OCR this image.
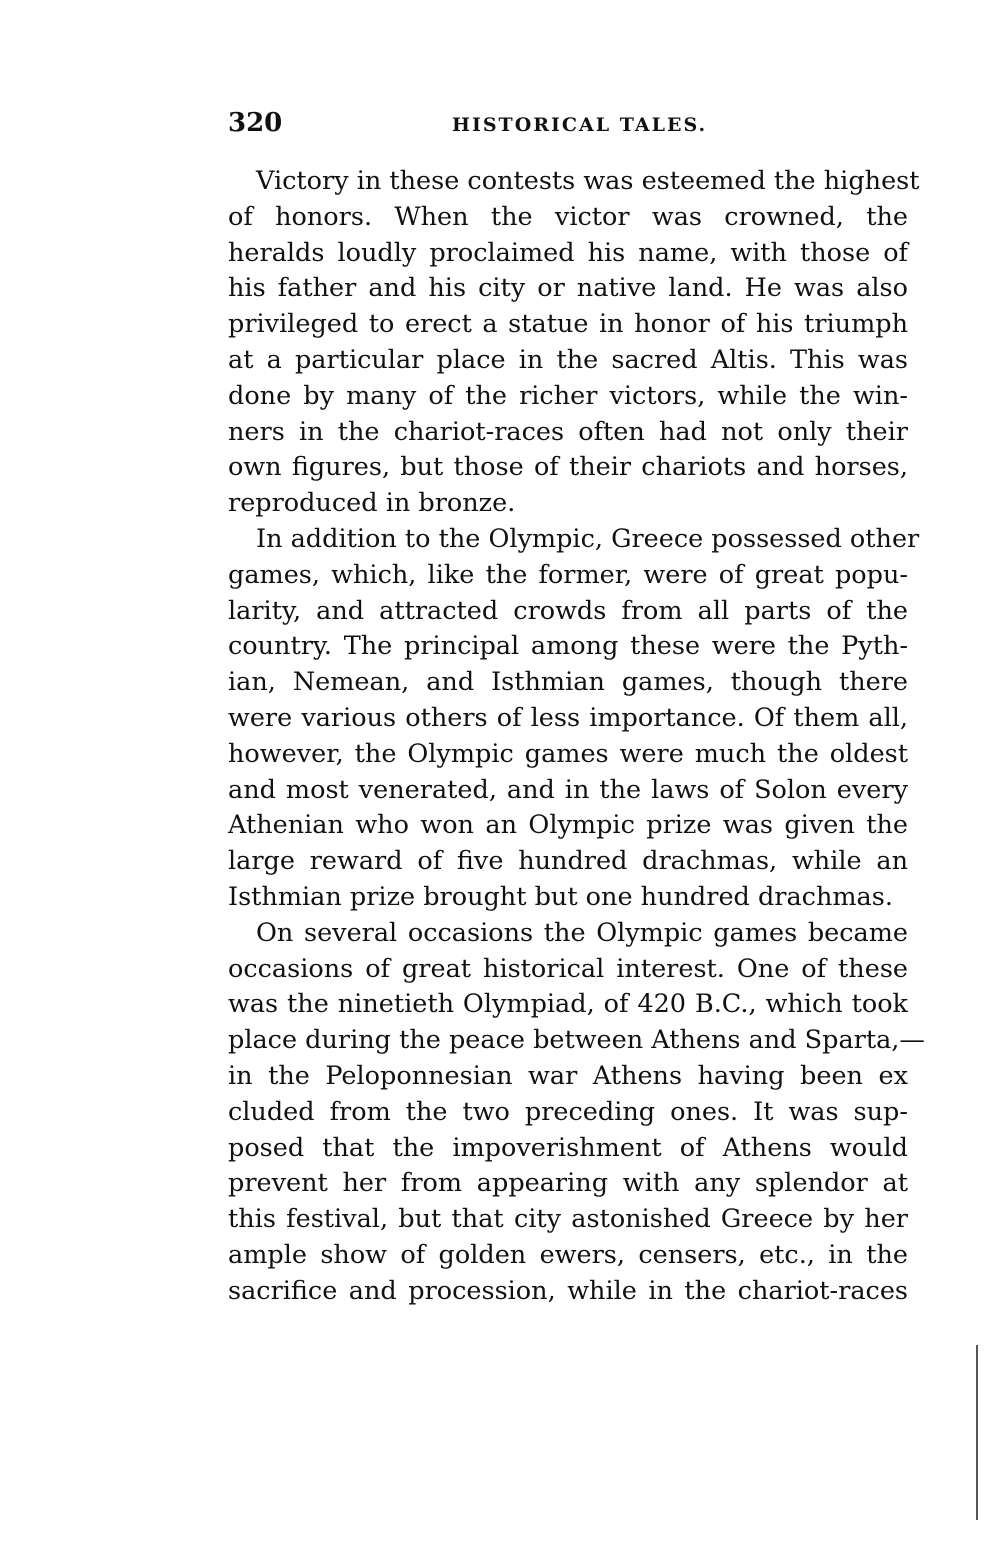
320	HISTORICAL TALES.
Victory in these contests was esteemed the highest
of honors. When the victor was crowned, the
heralds loudly proclaimed his name, with those of
his father and his city or native land. He was also
privileged to erect a statue in honor of his triumph
at a particular place in the sacred Altis. This was
done by many of the richer victors, while the win-
ners in the chariot-races often had not only their
own figures, but those of their chariots and horses,
reproduced in bronze.
In addition to the Olympic, Greece possessed other
games, which, like the former, were of great popu-
larity, and attracted crowds from all parts of the
country. The principal among these were the Pyth-
ian, Nemean, and Isthmian games, though there
were various others of less importance. Of them all,
however, the Olympic games were much the oldest
and most venerated, and in the laws of Solon every
Athenian who won an Olympic prize was given the
large reward of five hundred drachmas, while an
Isthmian prize brought but one hundred drachmas.
On several occasions the Olympic games became
occasions of great historical interest. One of these
was the ninetieth Olympiad, of 420 B.C., which took
place during the peace between Athens and Sparta,—
in the Peloponnesian war Athens having been ex
cluded from the two preceding ones. It was sup-
posed that the impoverishment of Athens would
prevent her from appearing with any splendor at
this festival, but that city astonished Greece by her
ample show of golden ewers, censers, etc., in the
sacrifice and procession, while in the chariot-races
